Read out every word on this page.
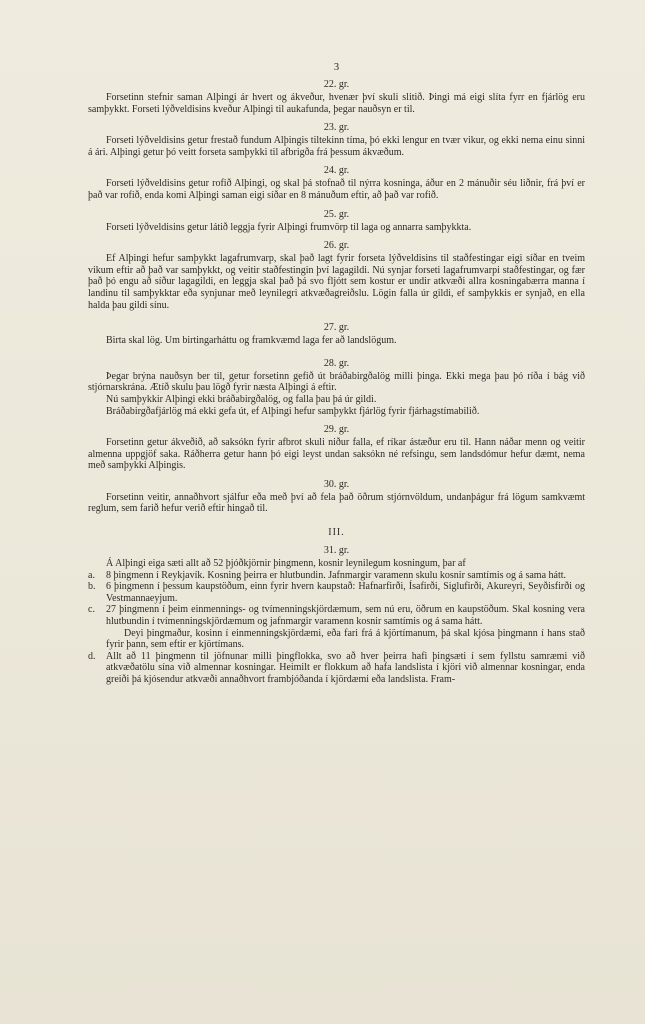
3
22. gr.

Forsetinn stefnir saman Alþingi ár hvert og ákveður, hvenær því skuli slitið. Þingi má eigi slíta fyrr en fjárlög eru samþykkt. Forseti lýðveldisins kveður Alþingi til aukafunda, þegar nauðsyn er til.

23. gr.

Forseti lýðveldisins getur frestað fundum Alþingis tiltekinn tíma, þó ekki lengur en tvær vikur, og ekki nema einu sinni á ári. Alþingi getur þó veitt forseta samþykki til afbrigða frá þessum ákvæðum.

24. gr.

Forseti lýðveldisins getur rofið Alþingi, og skal þá stofnað til nýrra kosninga, áður en 2 mánuðir séu liðnir, frá því er það var rofið, enda komi Alþingi saman eigi síðar en 8 mánuðum eftir, að það var rofið.

25. gr.

Forseti lýðveldisins getur látið leggja fyrir Alþingi frumvörp til laga og annarra samþykkta.

26. gr.

Ef Alþingi hefur samþykkt lagafrumvarp, skal það lagt fyrir forseta lýðveldisins til staðfestingar eigi síðar en tveim vikum eftir að það var samþykkt, og veitir staðfestingin því lagagildi. Nú synjar forseti lagafrumvarpi staðfestingar, og fær það þó engu að síður lagagildi, en leggja skal það þá svo fljótt sem kostur er undir atkvæði allra kosningabærra manna í landinu til samþykktar eða synjunar með leynilegri atkvæðagreiðslu. Lögin falla úr gildi, ef samþykkis er synjað, en ella halda þau gildi sínu.

27. gr.

Birta skal lög. Um birtingarháttu og framkvæmd laga fer að landslögum.

28. gr.

Þegar brýna nauðsyn ber til, getur forsetinn gefið út bráðabirgðalög milli þinga. Ekki mega þau þó ríða í bág við stjórnarskrána. Ætíð skulu þau lögð fyrir næsta Alþingi á eftir.

Nú samþykkir Alþingi ekki bráðabirgðalög, og falla þau þá úr gildi.

Bráðabirgðafjárlög má ekki gefa út, ef Alþingi hefur samþykkt fjárlög fyrir fjárhagstímabilið.

29. gr.

Forsetinn getur ákveðið, að saksókn fyrir afbrot skuli niður falla, ef ríkar ástæður eru til. Hann náðar menn og veitir almenna uppgjöf saka. Ráðherra getur hann þó eigi leyst undan saksókn né refsingu, sem landsdómur hefur dæmt, nema með samþykki Alþingis.

30. gr.

Forsetinn veitir, annaðhvort sjálfur eða með því að fela það öðrum stjórnvöldum, undanþágur frá lögum samkvæmt reglum, sem farið hefur verið eftir hingað til.

III.
31. gr.

Á Alþingi eiga sæti allt að 52 þjóðkjörnir þingmenn, kosnir leynilegum kosningum, þar af

a. 8 þingmenn í Reykjavík. Kosning þeirra er hlutbundin. Jafnmargir varamenn skulu kosnir samtímis og á sama hátt.

b. 6 þingmenn í þessum kaupstöðum, einn fyrir hvern kaupstað: Hafnarfirði, Ísafirði, Siglufirði, Akureyri, Seyðisfirði og Vestmannaeyjum.

c. 27 þingmenn í þeim einmennings- og tvímenningskjördæmum, sem nú eru, öðrum en kaupstöðum. Skal kosning vera hlutbundin í tvímenningskjördæmum og jafnmargir varamenn kosnir samtímis og á sama hátt.

Deyi þingmaður, kosinn í einmenningskjördæmi, eða fari frá á kjörtímanum, þá skal kjósa þingmann í hans stað fyrir þann, sem eftir er kjörtímans.

d. Allt að 11 þingmenn til jöfnunar milli þingflokka, svo að hver þeirra hafi þingsæti í sem fyllstu samræmi við atkvæðatölu sína við almennar kosningar. Heimilt er flokkum að hafa landslista í kjöri við almennar kosningar, enda greiði þá kjósendur atkvæði annaðhvort frambjóðanda í kjördæmi eða landslista. Fram-
